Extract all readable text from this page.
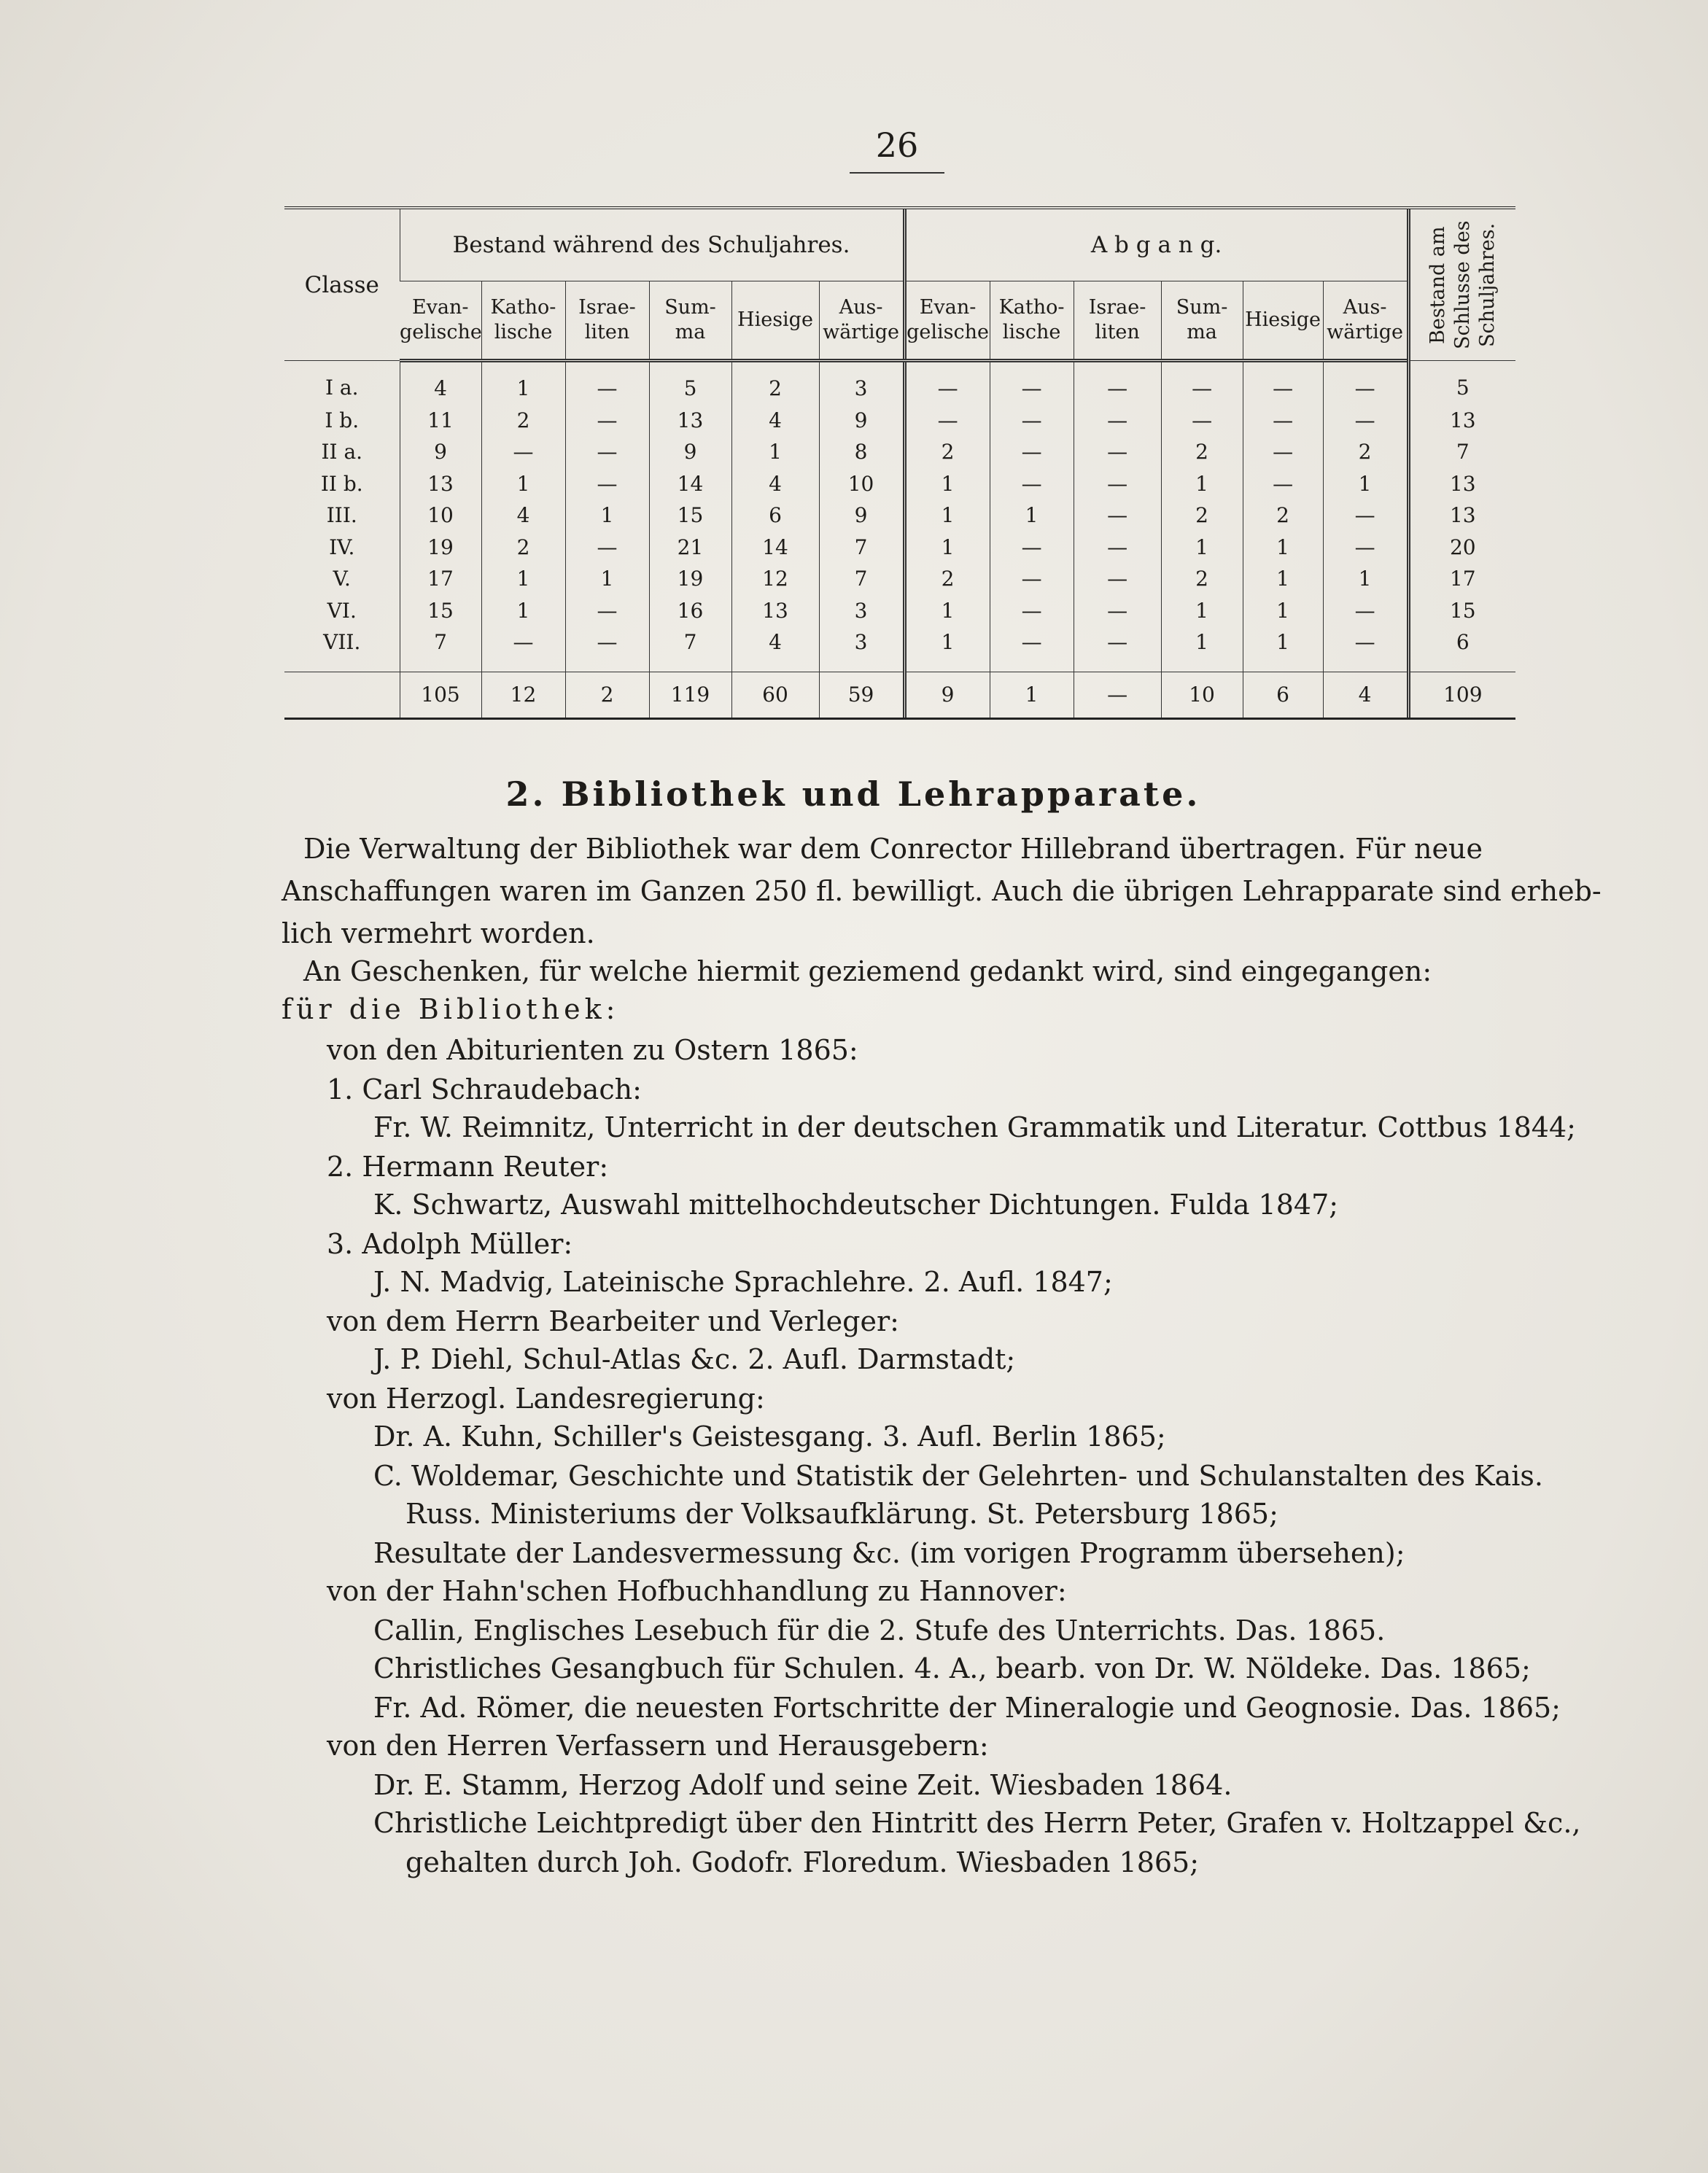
26
Classe	Bestand während des Schuljahres.						A b g a n g.						Bestand am Schlusse des Schuljahres.

	Evan- gelische	Katho- lische	Israe- liten	Sum- ma	Hiesige	Aus- wärtige	Evan- gelische	Katho- lische	Israe- liten	Sum- ma	Hiesige	Aus- wärtige	
I a.	4	1	—	5	2	3	—	—	—	—	—	—	5
I b.	11	2	—	13	4	9	—	—	—	—	—	—	13
II a.	9	—	—	9	1	8	2	—	—	2	—	2	7
II b.	13	1	—	14	4	10	1	—	—	1	—	1	13
III.	10	4	1	15	6	9	1	1	—	2	2	—	13
IV.	19	2	—	21	14	7	1	—	—	1	1	—	20
V.	17	1	1	19	12	7	2	—	—	2	1	1	17
VI.	15	1	—	16	13	3	1	—	—	1	1	—	15
VII.	7	—	—	7	4	3	1	—	—	1	1	—	6
	105	12	2	119	60	59	9	1	—	10	6	4	109
2. Bibliothek und Lehrapparate.
Die Verwaltung der Bibliothek war dem Conrector Hillebrand übertragen. Für neue
Anschaffungen waren im Ganzen 250 fl. bewilligt. Auch die übrigen Lehrapparate sind erheb-
lich vermehrt worden.
An Geschenken, für welche hiermit geziemend gedankt wird, sind eingegangen:
für die Bibliothek:
von den Abiturienten zu Ostern 1865:
1. Carl Schraudebach:
Fr. W. Reimnitz, Unterricht in der deutschen Grammatik und Literatur. Cottbus 1844;
2. Hermann Reuter:
K. Schwartz, Auswahl mittelhochdeutscher Dichtungen. Fulda 1847;
3. Adolph Müller:
J. N. Madvig, Lateinische Sprachlehre. 2. Aufl. 1847;
von dem Herrn Bearbeiter und Verleger:
J. P. Diehl, Schul-Atlas &c. 2. Aufl. Darmstadt;
von Herzogl. Landesregierung:
Dr. A. Kuhn, Schiller's Geistesgang. 3. Aufl. Berlin 1865;
C. Woldemar, Geschichte und Statistik der Gelehrten- und Schulanstalten des Kais.
Russ. Ministeriums der Volksaufklärung. St. Petersburg 1865;
Resultate der Landesvermessung &c. (im vorigen Programm übersehen);
von der Hahn'schen Hofbuchhandlung zu Hannover:
Callin, Englisches Lesebuch für die 2. Stufe des Unterrichts. Das. 1865.
Christliches Gesangbuch für Schulen. 4. A., bearb. von Dr. W. Nöldeke. Das. 1865;
Fr. Ad. Römer, die neuesten Fortschritte der Mineralogie und Geognosie. Das. 1865;
von den Herren Verfassern und Herausgebern:
Dr. E. Stamm, Herzog Adolf und seine Zeit. Wiesbaden 1864.
Christliche Leichtpredigt über den Hintritt des Herrn Peter, Grafen v. Holtzappel &c.,
gehalten durch Joh. Godofr. Floredum. Wiesbaden 1865;
